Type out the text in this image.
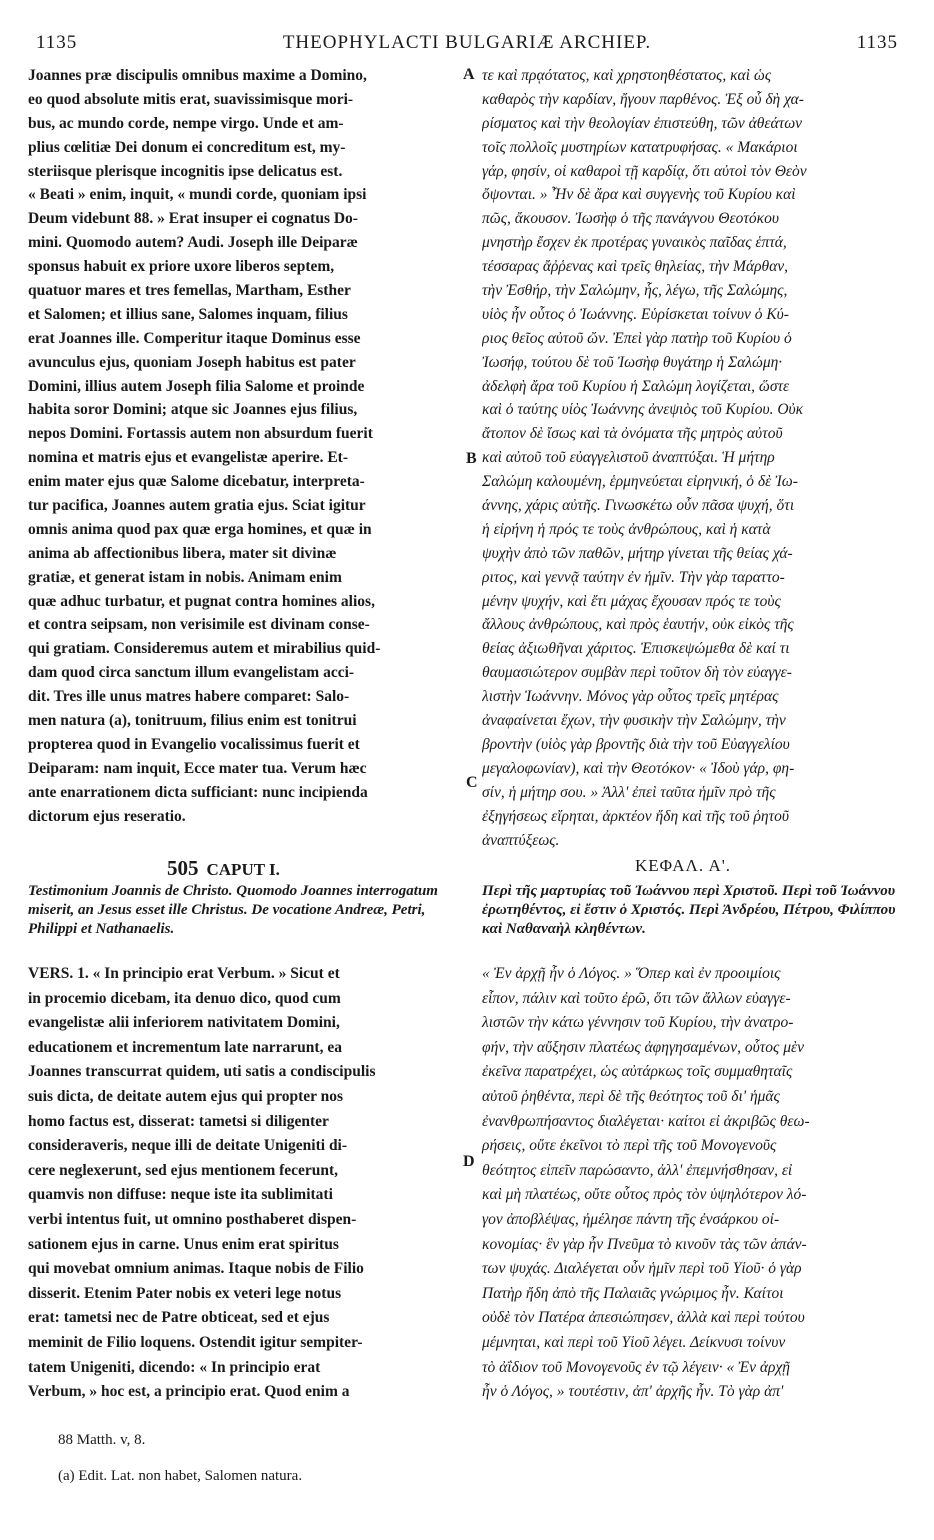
1135	THEOPHYLACTI BULGARIÆ ARCHIEP.	1135
Joannes præ discipulis omnibus maxime a Domino,
eo quod absolute mitis erat, suavissimisque mori-
bus, ac mundo corde, nempe virgo. Unde et am-
plius cœlitiæ Dei donum ei concreditum est, my-
steriisque plerisque incognitis ipse delicatus est.
« Beati » enim, inquit, « mundi corde, quoniam ipsi
Deum videbunt 88. » Erat insuper ei cognatus Do-
mini. Quomodo autem? Audi. Joseph ille Deiparæ
sponsus habuit ex priore uxore liberos septem,
quatuor mares et tres femellas, Martham, Esther
et Salomen; et illius sane, Salomes inquam, filius
erat Joannes ille. Comperitur itaque Dominus esse
avunculus ejus, quoniam Joseph habitus est pater
Domini, illius autem Joseph filia Salome et proinde
habita soror Domini; atque sic Joannes ejus filius,
nepos Domini. Fortassis autem non absurdum fuerit
nomina et matris ejus et evangelistæ aperire. Et-
enim mater ejus quæ Salome dicebatur, interpreta-
tur pacifica, Joannes autem gratia ejus. Sciat igitur
omnis anima quod pax quæ erga homines, et quæ in
anima ab affectionibus libera, mater sit divinæ
gratiæ, et generat istam in nobis. Animam enim
quæ adhuc turbatur, et pugnat contra homines alios,
et contra seipsam, non verisimile est divinam conse-
qui gratiam. Consideremus autem et mirabilius quid-
dam quod circa sanctum illum evangelistam acci-
dit. Tres ille unus matres habere comparet: Salo-
men natura (a), tonitruum, filius enim est tonitrui
propterea quod in Evangelio vocalissimus fuerit et
Deiparam: nam inquit, Ecce mater tua. Verum hæc
ante enarrationem dicta sufficiant: nunc incipienda
dictorum ejus reseratio.
τε καὶ πρᾳότατος, καὶ χρηστοηθέστατος, καὶ ὡς
καθαρὸς τὴν καρδίαν, ἤγουν παρθένος. Ἐξ οὗ δὴ χα-
ρίσματος καὶ τὴν θεολογίαν ἐπιστεύθη, τῶν ἀθεάτων
τοῖς πολλοῖς μυστηρίων κατατρυφήσας. « Μακάριοι
γάρ, φησίν, οἱ καθαροὶ τῇ καρδίᾳ, ὅτι αὐτοὶ τὸν Θεὸν
ὄψονται. » Ἦν δὲ ἄρα καὶ συγγενὴς τοῦ Κυρίου καὶ
πῶς, ἄκουσον. Ἰωσὴφ ὁ τῆς πανάγνου Θεοτόκου
μνηστὴρ ἔσχεν ἐκ προτέρας γυναικὸς παῖδας ἑπτά,
τέσσαρας ἄῤῥενας καὶ τρεῖς θηλείας, τὴν Μάρθαν,
τὴν Ἐσθήρ, τὴν Σαλώμην, ἧς, λέγω, τῆς Σαλώμης,
υἱὸς ἦν οὗτος ὁ Ἰωάννης. Εὑρίσκεται τοίνυν ὁ Κύ-
ριος θεῖος αὐτοῦ ὤν. Ἐπεὶ γὰρ πατὴρ τοῦ Κυρίου ὁ
Ἰωσήφ, τούτου δὲ τοῦ Ἰωσὴφ θυγάτηρ ἡ Σαλώμη·
ἀδελφὴ ἄρα τοῦ Κυρίου ἡ Σαλώμη λογίζεται, ὥστε
καὶ ὁ ταύτης υἱὸς Ἰωάννης ἀνεψιὸς τοῦ Κυρίου. Οὐκ
ἄτοπον δὲ ἴσως καὶ τὰ ὀνόματα τῆς μητρὸς αὐτοῦ
καὶ αὐτοῦ τοῦ εὐαγγελιστοῦ ἀναπτύξαι. Ἡ μήτηρ
Σαλώμη καλουμένη, ἑρμηνεύεται εἰρηνική, ὁ δὲ Ἰω-
άννης, χάρις αὐτῆς. Γινωσκέτω οὖν πᾶσα ψυχή, ὅτι
ἡ εἰρήνη ἡ πρός τε τοὺς ἀνθρώπους, καὶ ἡ κατὰ
ψυχὴν ἀπὸ τῶν παθῶν, μήτηρ γίνεται τῆς θείας χά-
ριτος, καὶ γεννᾷ ταύτην ἐν ἡμῖν. Τὴν γὰρ ταραττο-
μένην ψυχήν, καὶ ἔτι μάχας ἔχουσαν πρός τε τοὺς
ἄλλους ἀνθρώπους, καὶ πρὸς ἑαυτήν, οὐκ εἰκὸς τῆς
θείας ἀξιωθῆναι χάριτος. Ἐπισκεψώμεθα δὲ καί τι
θαυμασιώτερον συμβὰν περὶ τοῦτον δὴ τὸν εὐαγγε-
λιστὴν Ἰωάννην. Μόνος γὰρ οὗτος τρεῖς μητέρας
ἀναφαίνεται ἔχων, τὴν φυσικὴν τὴν Σαλώμην, τὴν
βροντὴν (υἱὸς γὰρ βροντῆς διὰ τὴν τοῦ Εὐαγγελίου
μεγαλοφωνίαν), καὶ τὴν Θεοτόκον· « Ἰδοὺ γάρ, φη-
σίν, ἡ μήτηρ σου. » Ἀλλ' ἐπεὶ ταῦτα ἡμῖν πρὸ τῆς
ἐξηγήσεως εἴρηται, ἀρκτέον ἤδη καὶ τῆς τοῦ ῥητοῦ
ἀναπτύξεως.
A
B
C
D
505 CAPUT I.	ΚΕΦΑΛ. Α'.
Testimonium Joannis de Christo. Quomodo Joannes interrogatum miserit, an Jesus esset ille Christus. De vocatione Andreæ, Petri, Philippi et Nathanaelis.
Περὶ τῆς μαρτυρίας τοῦ Ἰωάννου περὶ Χριστοῦ. Περὶ τοῦ Ἰωάννου ἐρωτηθέντος, εἰ ἔστιν ὁ Χριστός. Περὶ Ἀνδρέου, Πέτρου, Φιλίππου καὶ Ναθαναὴλ κληθέντων.
VERS. 1. « In principio erat Verbum. » Sicut et
in procemio dicebam, ita denuo dico, quod cum
evangelistæ alii inferiorem nativitatem Domini,
educationem et incrementum late narrarunt, ea
Joannes transcurrat quidem, uti satis a condiscipulis
suis dicta, de deitate autem ejus qui propter nos
homo factus est, disserat: tametsi si diligenter
consideraveris, neque illi de deitate Unigeniti di-
cere neglexerunt, sed ejus mentionem fecerunt,
quamvis non diffuse: neque iste ita sublimitati
verbi intentus fuit, ut omnino posthaberet dispen-
sationem ejus in carne. Unus enim erat spiritus
qui movebat omnium animas. Itaque nobis de Filio
disserit. Etenim Pater nobis ex veteri lege notus
erat: tametsi nec de Patre obticeat, sed et ejus
meminit de Filio loquens. Ostendit igitur sempiter-
tatem Unigeniti, dicendo: « In principio erat
Verbum, » hoc est, a principio erat. Quod enim a
« Ἐν ἀρχῇ ἦν ὁ Λόγος. » Ὅπερ καὶ ἐν προοιμίοις
εἶπον, πάλιν καὶ τοῦτο ἐρῶ, ὅτι τῶν ἄλλων εὐαγγε-
λιστῶν τὴν κάτω γέννησιν τοῦ Κυρίου, τὴν ἀνατρο-
φήν, τὴν αὔξησιν πλατέως ἀφηγησαμένων, οὗτος μὲν
ἐκεῖνα παρατρέχει, ὡς αὐτάρκως τοῖς συμμαθηταῖς
αὐτοῦ ῥηθέντα, περὶ δὲ τῆς θεότητος τοῦ δι' ἡμᾶς
ἐνανθρωπήσαντος διαλέγεται· καίτοι εἰ ἀκριβῶς θεω-
ρήσεις, οὔτε ἐκεῖνοι τὸ περὶ τῆς τοῦ Μονογενοῦς
θεότητος εἰπεῖν παρώσαντο, ἀλλ' ἐπεμνήσθησαν, εἰ
καὶ μὴ πλατέως, οὔτε οὗτος πρὸς τὸν ὑψηλότερον λό-
γον ἀποβλέψας, ἠμέλησε πάντη τῆς ἐνσάρκου οἰ-
κονομίας· ἓν γὰρ ἦν Πνεῦμα τὸ κινοῦν τὰς τῶν ἁπάν-
των ψυχάς. Διαλέγεται οὖν ἡμῖν περὶ τοῦ Υἱοῦ· ὁ γὰρ
Πατὴρ ἤδη ἀπὸ τῆς Παλαιᾶς γνώριμος ἦν. Καίτοι
οὐδὲ τὸν Πατέρα ἀπεσιώπησεν, ἀλλὰ καὶ περὶ τούτου
μέμνηται, καὶ περὶ τοῦ Υἱοῦ λέγει. Δείκνυσι τοίνυν
τὸ ἀΐδιον τοῦ Μονογενοῦς ἐν τῷ λέγειν· « Ἐν ἀρχῇ
ἦν ὁ Λόγος, » τουτέστιν, ἀπ' ἀρχῆς ἦν. Τὸ γὰρ ἀπ'
88 Matth. v, 8.
(a) Edit. Lat. non habet, Salomen natura.
